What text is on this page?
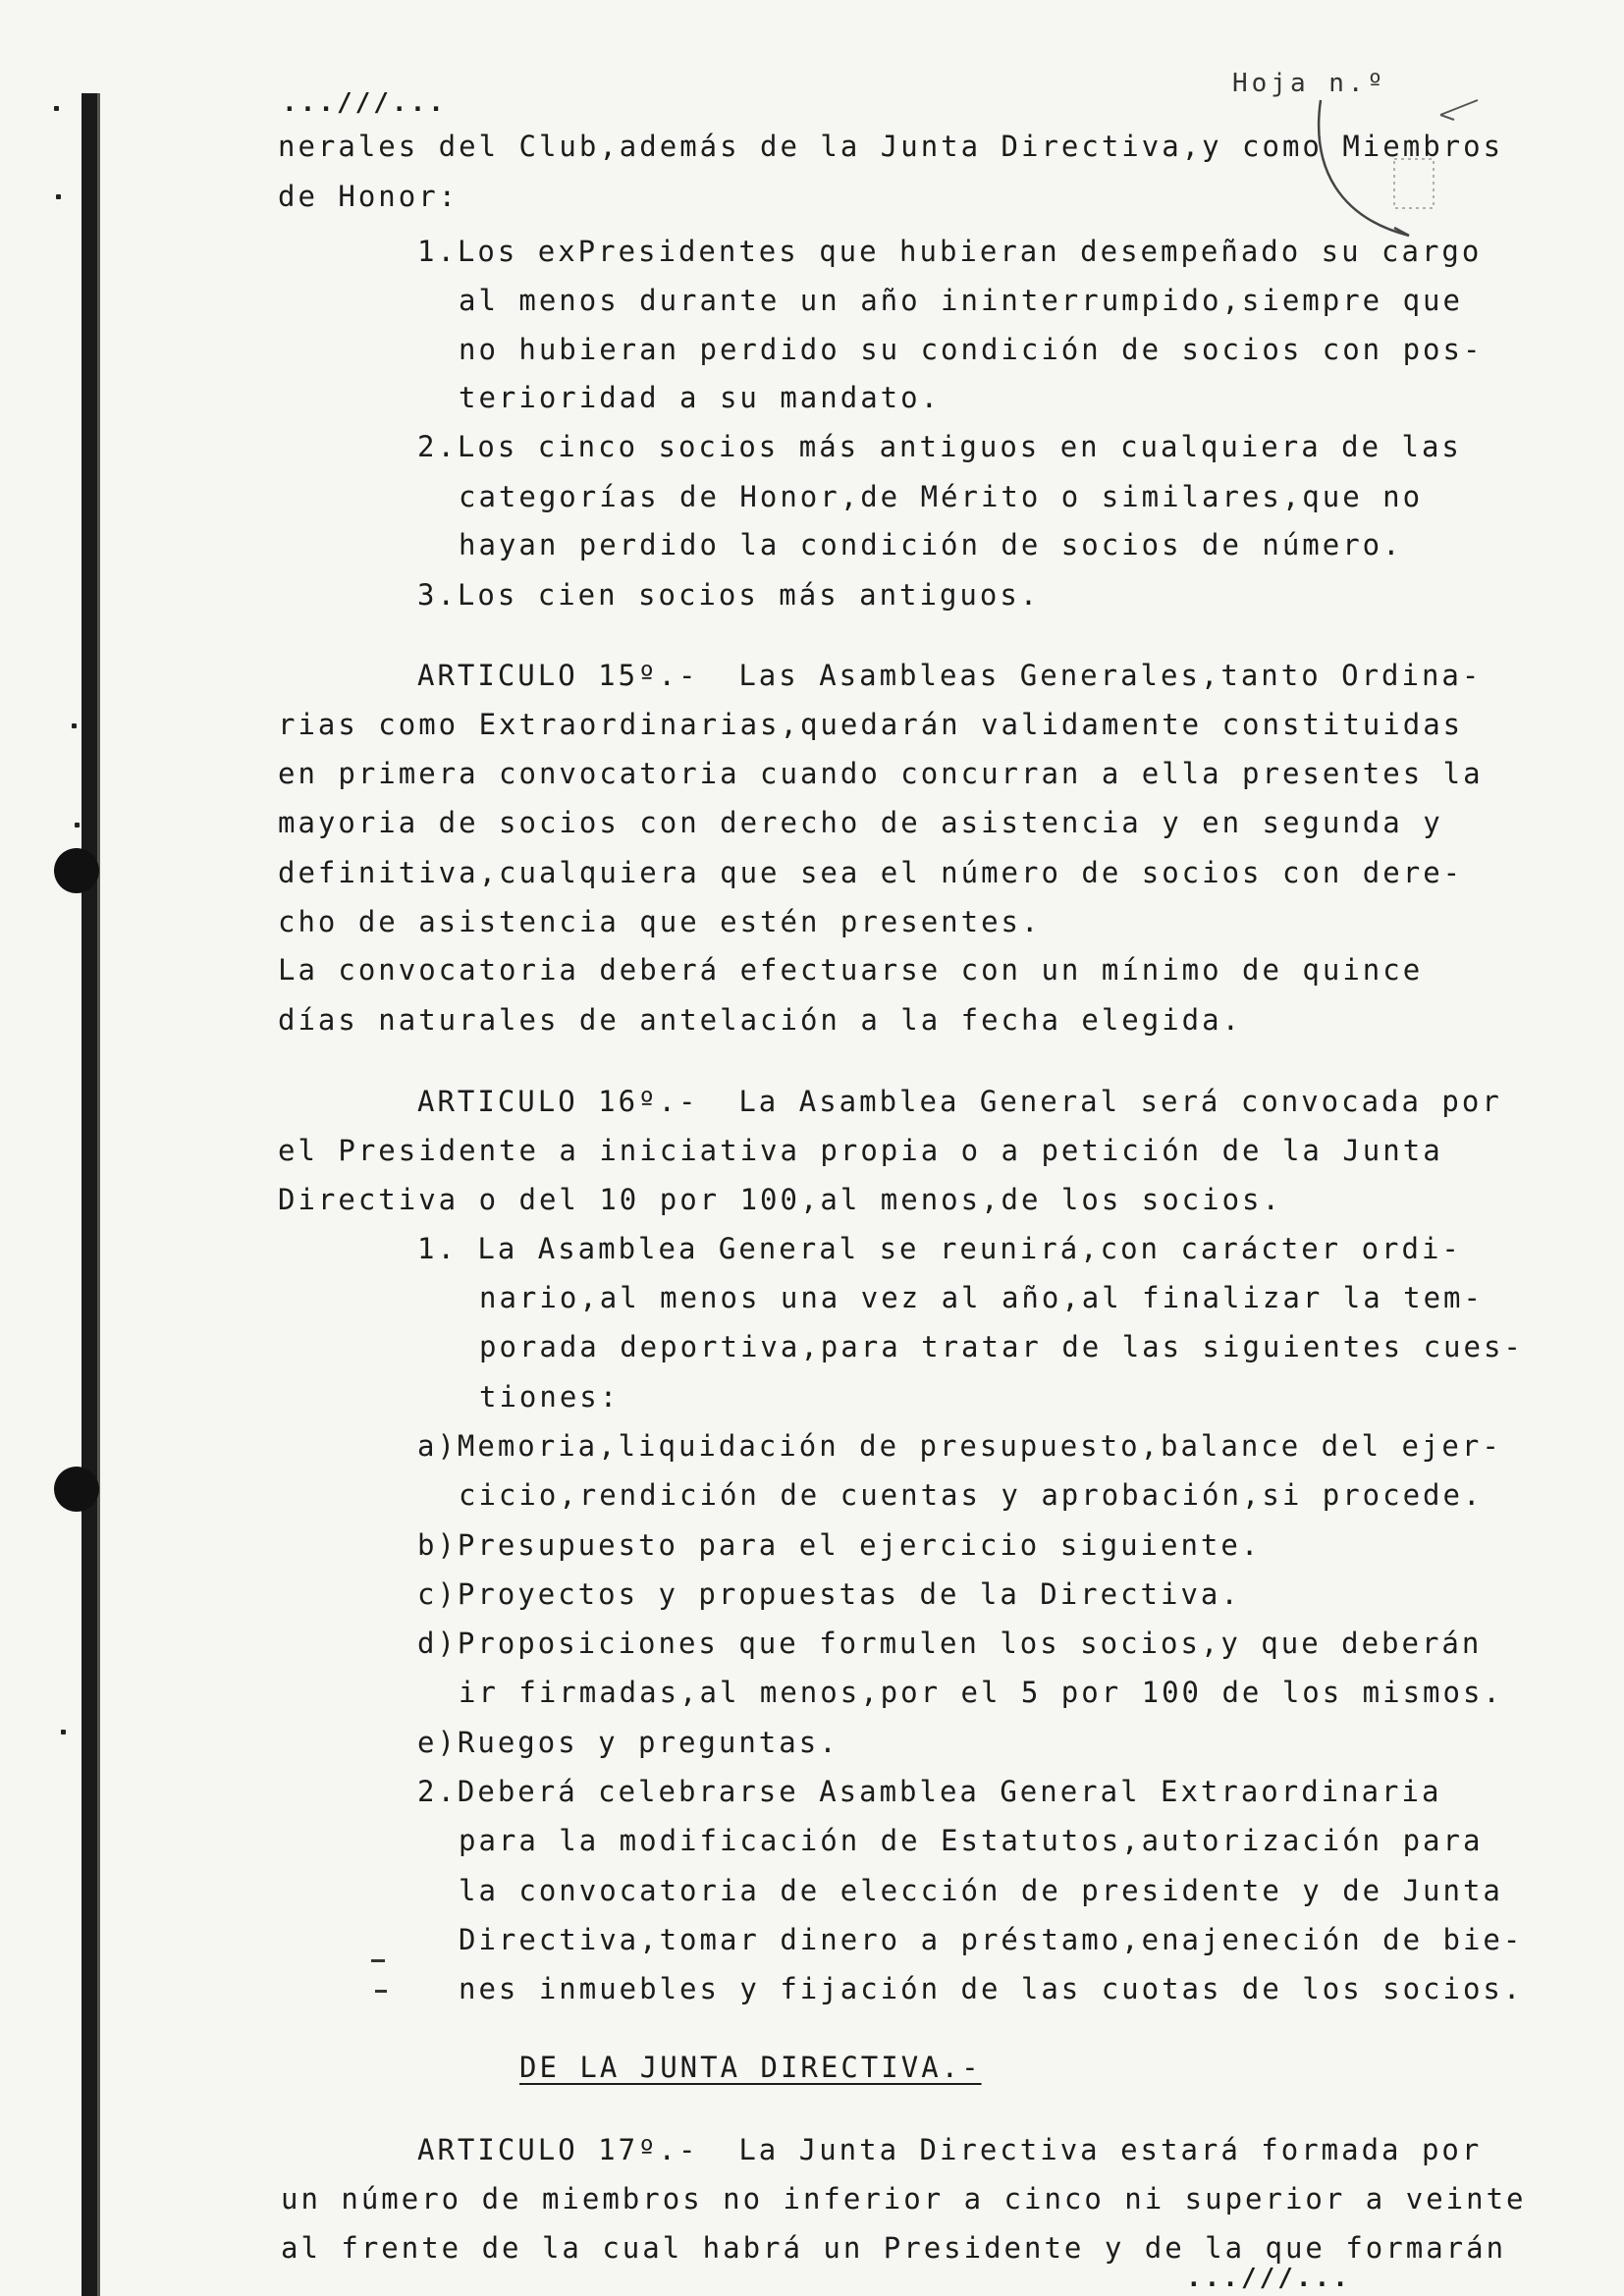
Hoja n.º
...///...
nerales del Club,además de la Junta Directiva,y como Miembros
de Honor:
1.Los exPresidentes que hubieran desempeñado su cargo
al menos durante un año ininterrumpido,siempre que
no hubieran perdido su condición de socios con pos-
terioridad a su mandato.
2.Los cinco socios más antiguos en cualquiera de las
categorías de Honor,de Mérito o similares,que no
hayan perdido la condición de socios de número.
3.Los cien socios más antiguos.
ARTICULO 15º.-  Las Asambleas Generales,tanto Ordina-
rias como Extraordinarias,quedarán validamente constituidas
en primera convocatoria cuando concurran a ella presentes la
mayoria de socios con derecho de asistencia y en segunda y
definitiva,cualquiera que sea el número de socios con dere-
cho de asistencia que estén presentes.
La convocatoria deberá efectuarse con un mínimo de quince
días naturales de antelación a la fecha elegida.
ARTICULO 16º.-  La Asamblea General será convocada por
el Presidente a iniciativa propia o a petición de la Junta
Directiva o del 10 por 100,al menos,de los socios.
1. La Asamblea General se reunirá,con carácter ordi-
nario,al menos una vez al año,al finalizar la tem-
porada deportiva,para tratar de las siguientes cues-
tiones:
a)Memoria,liquidación de presupuesto,balance del ejer-
cicio,rendición de cuentas y aprobación,si procede.
b)Presupuesto para el ejercicio siguiente.
c)Proyectos y propuestas de la Directiva.
d)Proposiciones que formulen los socios,y que deberán
ir firmadas,al menos,por el 5 por 100 de los mismos.
e)Ruegos y preguntas.
2.Deberá celebrarse Asamblea General Extraordinaria
para la modificación de Estatutos,autorización para
la convocatoria de elección de presidente y de Junta
Directiva,tomar dinero a préstamo,enajeneción de bie-
nes inmuebles y fijación de las cuotas de los socios.
DE LA JUNTA DIRECTIVA.-
ARTICULO 17º.-  La Junta Directiva estará formada por
un número de miembros no inferior a cinco ni superior a veinte
al frente de la cual habrá un Presidente y de la que formarán
...///...
